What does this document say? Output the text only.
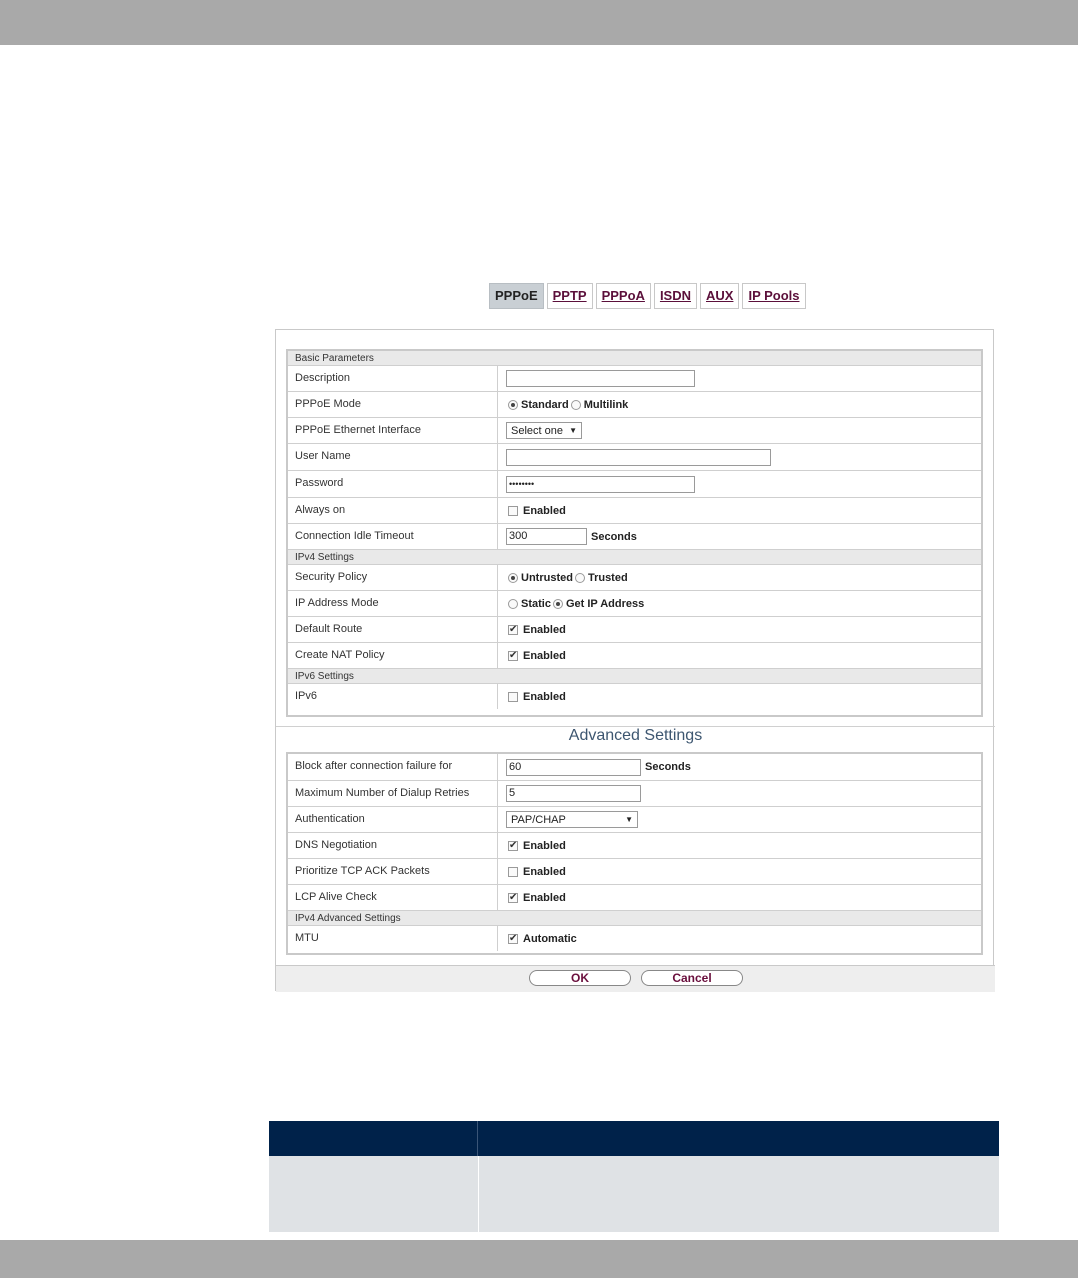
PPPoE	PPTP	PPPoA	ISDN	AUX	IP Pools
Basic Parameters
Description
PPPoE Mode	Standard Multilink
PPPoE Ethernet Interface	Select one ▼
User Name
Password	••••••••
Always on	Enabled
Connection Idle Timeout	300	Seconds
IPv4 Settings
Security Policy	Untrusted Trusted
IP Address Mode	Static Get IP Address
Default Route	✔ Enabled
Create NAT Policy	✔ Enabled
IPv6 Settings
IPv6	Enabled
Advanced Settings
Block after connection failure for	60	Seconds
Maximum Number of Dialup Retries	5
Authentication	PAP/CHAP	▼
DNS Negotiation	✔ Enabled
Prioritize TCP ACK Packets	Enabled
LCP Alive Check	✔ Enabled
IPv4 Advanced Settings
MTU	✔ Automatic
OK	Cancel
